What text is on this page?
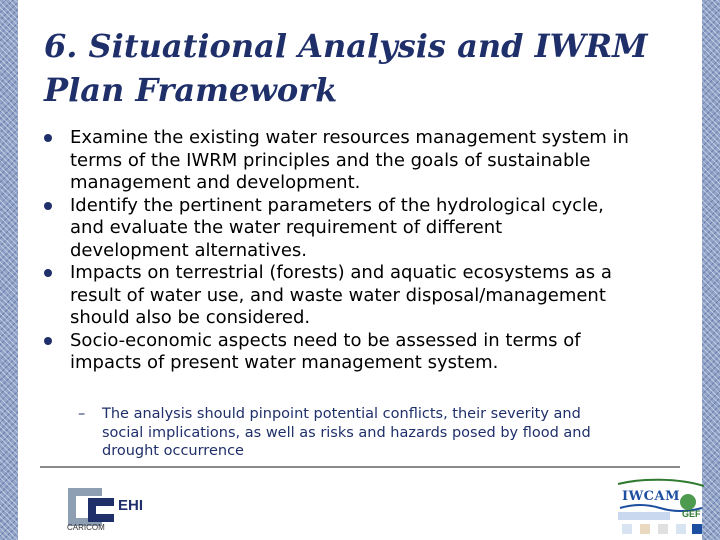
6. Situational Analysis and IWRM
Plan Framework
Examine the existing water resources management system in
terms of the IWRM principles and the goals of sustainable
management and development.
Identify the pertinent parameters of the hydrological cycle,
and evaluate the water requirement of different
development alternatives.
Impacts on terrestrial (forests) and aquatic ecosystems as a
result of water use, and waste water disposal/management
should also be considered.
Socio-economic aspects need to be assessed in terms of
impacts of present water management system.
– The analysis should pinpoint potential conflicts, their severity and
social implications, as well as risks and hazards posed by flood and
drought occurrence
EHI
CARICOM
IWCAM
GEF
